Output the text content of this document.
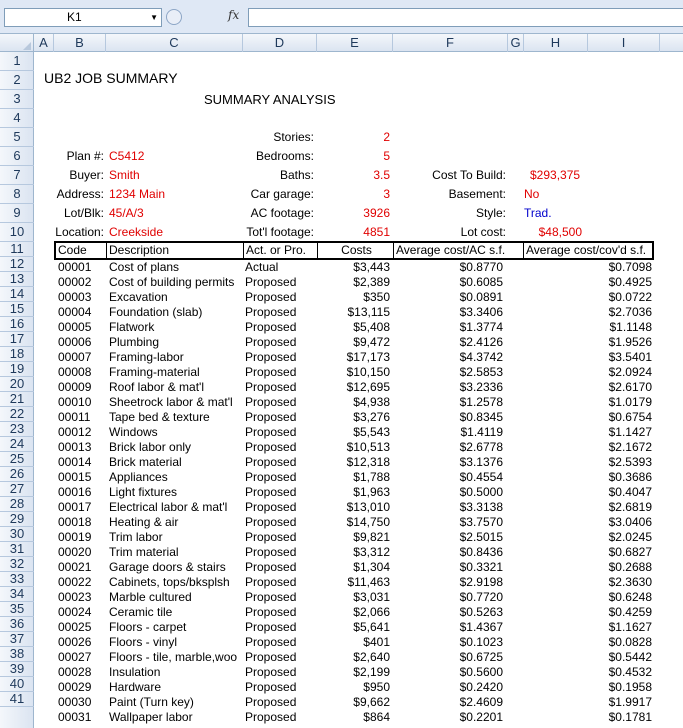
K1	▼	fx
A	B	C	D	E	F	G	H	I
1
2
3
4
5
6
7
8
9
10
11
12
13
14
15
16
17
18
19
20
21
22
23
24
25
26
27
28
29
30
31
32
33
34
35
36
37
38
39
40
41
UB2 JOB SUMMARY
SUMMARY ANALYSIS
Stories:	2
Plan #: C5412	Bedrooms:	5
Buyer: Smith	Baths:	3.5	Cost To Build: $293,375
Address: 1234 Main	Car garage:	3	Basement: No
Lot/Blk: 45/A/3	AC footage:	3926	Style: Trad.
Location: Creekside	Tot'l footage:	4851	Lot cost:	$48,500
Code	Description	Act. or Pro.	Costs	Average cost/AC s.f.	Average cost/cov'd s.f.
00001	Cost of plans	Actual	$3,443	$0.8770	$0.7098
00002	Cost of building permits Proposed	$2,389	$0.6085	$0.4925
00003	Excavation	Proposed	$350	$0.0891	$0.0722
00004	Foundation (slab)	Proposed	$13,115	$3.3406	$2.7036
00005	Flatwork	Proposed	$5,408	$1.3774	$1.1148
00006	Plumbing	Proposed	$9,472	$2.4126	$1.9526
00007	Framing-labor	Proposed	$17,173	$4.3742	$3.5401
00008	Framing-material	Proposed	$10,150	$2.5853	$2.0924
00009	Roof labor & mat'l	Proposed	$12,695	$3.2336	$2.6170
00010	Sheetrock labor & mat'l	Proposed	$4,938	$1.2578	$1.0179
00011	Tape bed & texture	Proposed	$3,276	$0.8345	$0.6754
00012	Windows	Proposed	$5,543	$1.4119	$1.1427
00013	Brick labor only	Proposed	$10,513	$2.6778	$2.1672
00014	Brick material	Proposed	$12,318	$3.1376	$2.5393
00015	Appliances	Proposed	$1,788	$0.4554	$0.3686
00016	Light fixtures	Proposed	$1,963	$0.5000	$0.4047
00017	Electrical labor & mat'l	Proposed	$13,010	$3.3138	$2.6819
00018	Heating & air	Proposed	$14,750	$3.7570	$3.0406
00019	Trim labor	Proposed	$9,821	$2.5015	$2.0245
00020	Trim material	Proposed	$3,312	$0.8436	$0.6827
00021	Garage doors & stairs	Proposed	$1,304	$0.3321	$0.2688
00022	Cabinets, tops/bksplsh	Proposed	$11,463	$2.9198	$2.3630
00023	Marble cultured	Proposed	$3,031	$0.7720	$0.6248
00024	Ceramic tile	Proposed	$2,066	$0.5263	$0.4259
00025	Floors - carpet	Proposed	$5,641	$1.4367	$1.1627
00026	Floors - vinyl	Proposed	$401	$0.1023	$0.0828
00027	Floors - tile, marble,woo Proposed	$2,640	$0.6725	$0.5442
00028	Insulation	Proposed	$2,199	$0.5600	$0.4532
00029	Hardware	Proposed	$950	$0.2420	$0.1958
00030	Paint (Turn key)	Proposed	$9,662	$2.4609	$1.9917
00031	Wallpaper labor	Proposed	$864	$0.2201	$0.1781
